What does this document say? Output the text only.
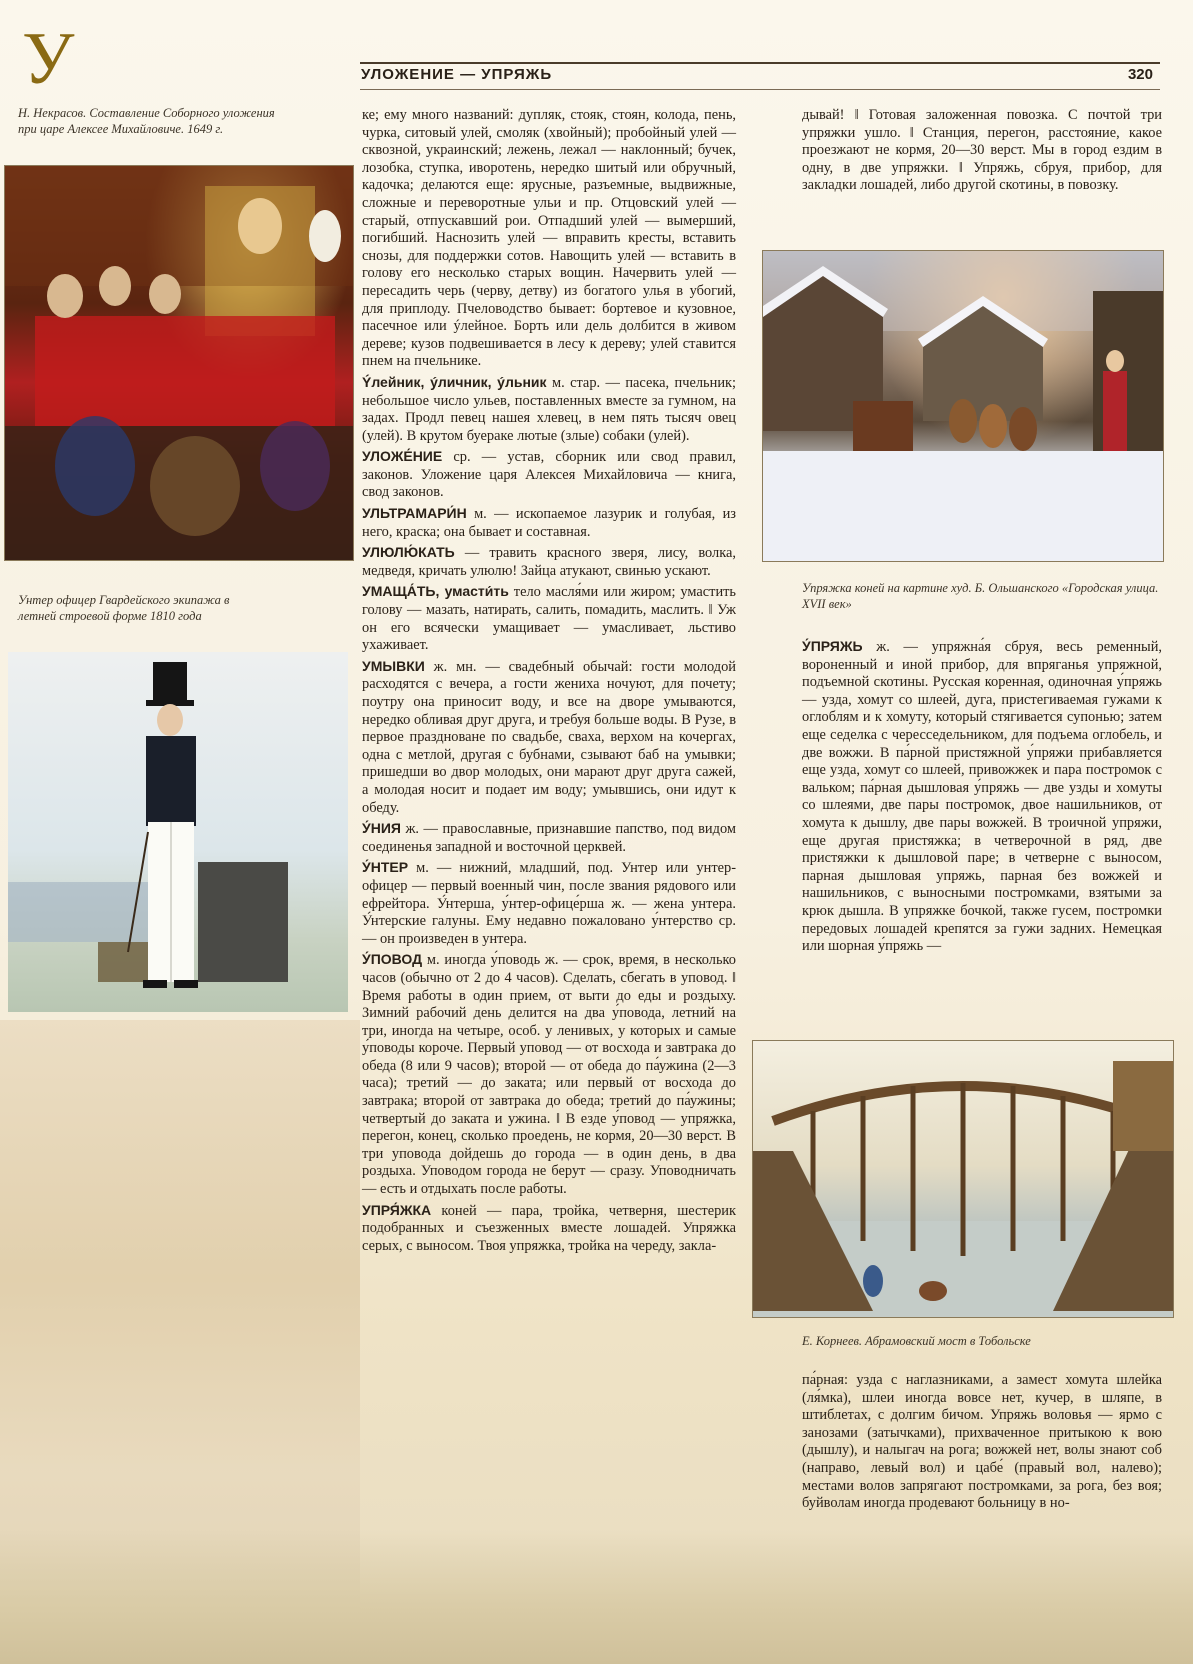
У	УЛОЖЕНИЕ — УПРЯЖЬ	320
Н. Некрасов. Составление Соборного уложения при царе Алексее Михайловиче. 1649 г.
Унтер офицер Гвардейского экипажа в летней строевой форме 1810 года

ке; ему много названий: дупляк, стояк, стоян, колода, пень, чурка, ситовый улей, смоляк (хвойный); пробойный улей — сквозной, украинский; лежень, лежал — наклонный; бучек, лозобка, ступка, иворотень, нередко шитый или обручный, кадочка; делаются еще: ярусные, разъемные, выдвижные, сложные и переворотные ульи и пр. Отцовский улей — старый, отпускавший рои. Отпадший улей — вымерший, погибший. Наснозить улей — вправить кресты, вставить снозы, для поддержки сотов. Навощить улей — вставить в голову его несколько старых вощин. Начервить улей — пересадить черь (черву, детву) из богатого улья в убогий, для приплоду. Пчеловодство бывает: бортевое и кузовное, пасечное или ýлейное. Борть или дель долбится в живом дереве; кузов подвешивается в лесу к дереву; улей ставится пнем на пчельнике.

Ýлейник, ýличник, ýльник м. стар. — пасека, пчельник; небольшое число ульев, поставленных вместе за гумном, на задах. Продл певец нашея хлевец, в нем пять тысяч овец (улей). В крутом буераке лютые (злые) собаки (улей).

УЛОЖЕ́НИЕ ср. — устав, сборник или свод правил, законов. Уложение царя Алексея Михайловича — книга, свод законов.

УЛЬТРАМАРИ́Н м. — ископаемое лазурик и голубая, из него, краска; она бывает и составная.

УЛЮЛЮ́КАТЬ — травить красного зверя, лису, волка, медведя, кричать улюлю! Зайца атукают, свинью ускают.

УМАЩА́ТЬ, умасти́ть тело масля́ми или жиром; умастить голову — мазать, натирать, салить, помадить, маслить. ‖ Уж он его всячески умащивает — умасливает, льстиво ухаживает.

УМЫВКИ ж. мн. — свадебный обычай: гости молодой расходятся с вечера, а гости жениха ночуют, для почету; поутру она приносит воду, и все на дворе умываются, нередко обливая друг друга, и требуя больше воды. В Рузе, в первое праздноване по свадьбе, сваха, верхом на кочергах, одна с метлой, другая с бубнами, сзывают баб на умывки; пришедши во двор молодых, они марают друг друга сажей, а молодая носит и подает им воду; умывшись, они идут к обеду.

У́НИЯ ж. — православные, признавшие папство, под видом соединенья западной и восточной церквей.

У́НТЕР м. — нижний, младший, под. Унтер или унтер-офицер — первый военный чин, после звания рядового или ефрейтора. У́нтерша, у́нтер-офице́рша ж. — жена унтера. У́нтерские галуны. Ему недавно пожаловано у́нтерство ср. — он произведен в унтера.

У́ПОВОД м. иногда у́поводь ж. — срок, время, в несколько часов (обычно от 2 до 4 часов). Сделать, сбегать в уповод. ‖ Время работы в один прием, от выти до еды и роздыху. Зимний рабочий день делится на два у́повода, летний на три, иногда на четыре, особ. у ленивых, у которых и самые у́поводы короче. Первый уповод — от восхода и завтрака до обеда (8 или 9 часов); второй — от обеда до па́ужина (2—3 часа); третий — до заката; или первый от восхода до завтрака; второй от завтрака до обеда; третий до па́ужины; четвертый до заката и ужина. ‖ В езде у́повод — упряжка, перегон, конец, сколько проедень, не кормя, 20—30 верст. В три уповода дойдешь до города — в один день, в два роздыха. Уповодом города не берут — сразу. Уповодничать — есть и отдыхать после работы.

УПРЯ́ЖКА коней — пара, тройка, четверня, шестерик подобранных и съезженных вместе лошадей. Упряжка серых, с выносом. Твоя упряжка, тройка на череду, закла-

дывай! ‖ Готовая заложенная повозка. С почтой три упряжки ушло. ‖ Станция, перегон, расстояние, какое проезжают не кормя, 20—30 верст. Мы в город ездим в одну, в две упряжки. ‖ Упряжь, сбруя, прибор, для закладки лошадей, либо другой скотины, в повозку.

Упряжка коней на картине худ. Б. Ольшанского «Городская улица. XVII век»

У́ПРЯЖЬ ж. — упряжна́я сбруя, весь ременный, вороненный и иной прибор, для впряганья упряжной, подъемной скотины. Русская коренная, одиночная у́пряжь — узда, хомут со шлеей, дуга, пристегиваемая гужами к оглоблям и к хомуту, который стягивается супонью; затем еще седелка с чересседельником, для подъема оглобель, и две вожжи. В па́рной пристяжной у́пряжи прибавляется еще узда, хомут со шлеей, привожжек и пара постромок с вальком; па́рная дышловая у́пряжь — две узды и хомуты со шлеями, две пары постромок, двое нашильников, от хомута к дышлу, две пары вожжей. В троичной упряжи, еще другая пристяжка; в четверочной в ряд, две пристяжки к дышловой паре; в четверне с выносом, парная дышловая упряжь, парная без вожжей и нашильников, с выносными постромками, взятыми за крюк дышла. В упряжке бочкой, также гусем, постромки передовых лошадей крепятся за гужи задних. Немецкая или шорная у́пряжь —

Е. Корнеев. Абрамовский мост в Тобольске

па́рная: узда с наглазниками, а замест хомута шлейка (ля́мка), шлеи иногда вовсе нет, кучер, в шляпе, в штиблетах, с долгим бичом. Упряжь воловья — ярмо с занозами (затычками), прихваченное притыкою к вою (дышлу), и налыгач на рога; вожжей нет, волы знают соб (направо, левый вол) и цабе́ (правый вол, налево); местами волов запрягают постромками, за рога, без воя; буйволам иногда продевают больницу в но-
